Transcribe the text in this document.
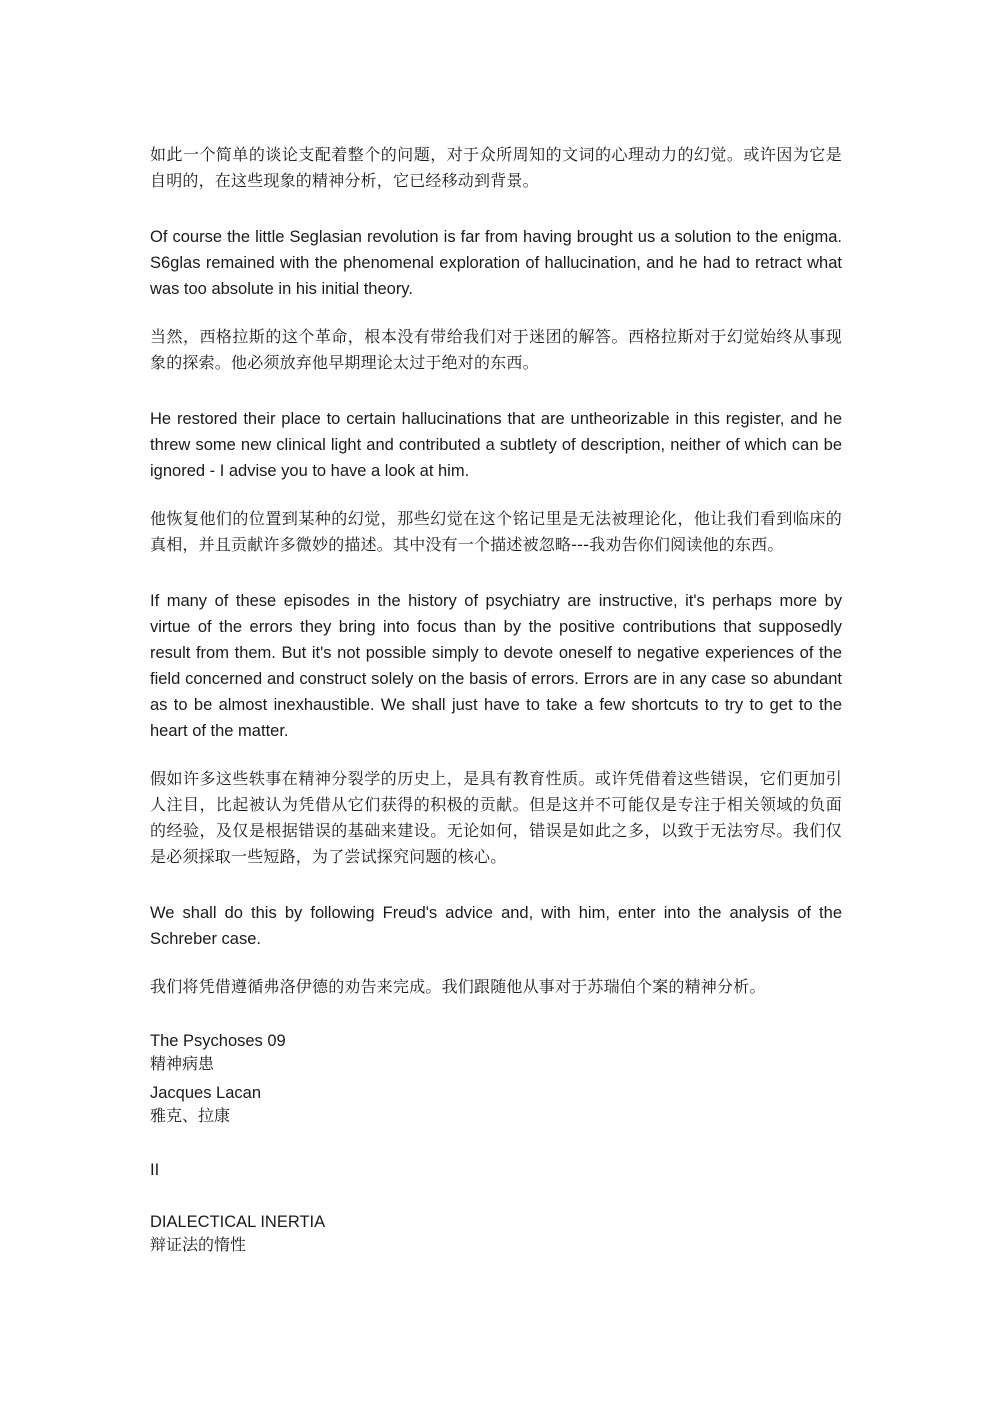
如此一个简单的谈论支配着整个的问题，对于众所周知的文词的心理动力的幻觉。或许因为它是自明的，在这些现象的精神分析，它已经移动到背景。

Of course the little Seglasian revolution is far from having brought us a solution to the enigma. S6glas remained with the phenomenal exploration of hallucination, and he had to retract what was too absolute in his initial theory.

当然，西格拉斯的这个革命，根本没有带给我们对于迷团的解答。西格拉斯对于幻觉始终从事现象的探索。他必须放弃他早期理论太过于绝对的东西。

He restored their place to certain hallucinations that are untheorizable in this register, and he threw some new clinical light and contributed a subtlety of description, neither of which can be ignored - I advise you to have a look at him.

他恢复他们的位置到某种的幻觉，那些幻觉在这个铭记里是无法被理论化，他让我们看到临床的真相，并且贡献许多微妙的描述。其中没有一个描述被忽略---我劝告你们阅读他的东西。

If many of these episodes in the history of psychiatry are instructive, it's perhaps more by virtue of the errors they bring into focus than by the positive contributions that supposedly result from them. But it's not possible simply to devote oneself to negative experiences of the field concerned and construct solely on the basis of errors. Errors are in any case so abundant as to be almost inexhaustible. We shall just have to take a few shortcuts to try to get to the heart of the matter.

假如许多这些轶事在精神分裂学的历史上，是具有教育性质。或许凭借着这些错误，它们更加引人注目，比起被认为凭借从它们获得的积极的贡献。但是这并不可能仅是专注于相关领域的负面的经验，及仅是根据错误的基础来建设。无论如何，错误是如此之多，以致于无法穷尽。我们仅是必须採取一些短路，为了尝试探究问题的核心。

We shall do this by following Freud's advice and, with him, enter into the analysis of the Schreber case.

我们将凭借遵循弗洛伊德的劝告来完成。我们跟随他从事对于苏瑞伯个案的精神分析。

The Psychoses 09

精神病患

Jacques Lacan

雅克、拉康

II

DIALECTICAL INERTIA

辩证法的惰性
